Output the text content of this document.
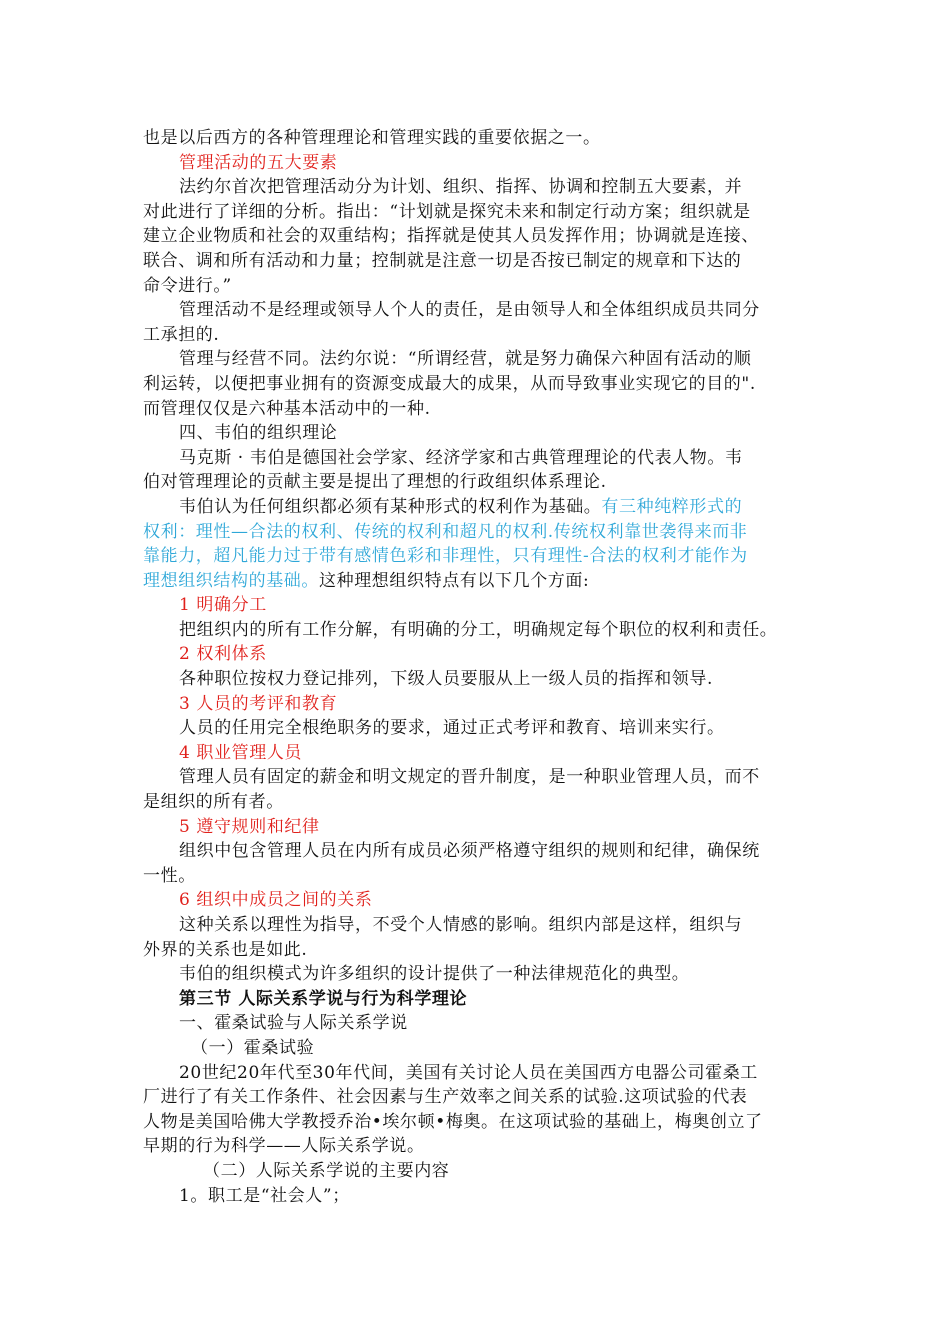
也是以后西方的各种管理理论和管理实践的重要依据之一。
管理活动的五大要素
法约尔首次把管理活动分为计划、组织、指挥、协调和控制五大要素，并
对此进行了详细的分析。指出：“计划就是探究未来和制定行动方案；组织就是
建立企业物质和社会的双重结构；指挥就是使其人员发挥作用；协调就是连接、
联合、调和所有活动和力量；控制就是注意一切是否按已制定的规章和下达的
命令进行。”
管理活动不是经理或领导人个人的责任，是由领导人和全体组织成员共同分
工承担的.
管理与经营不同。法约尔说：“所谓经营，就是努力确保六种固有活动的顺
利运转，以便把事业拥有的资源变成最大的成果，从而导致事业实现它的目的".
而管理仅仅是六种基本活动中的一种.
四、韦伯的组织理论
马克斯 · 韦伯是德国社会学家、经济学家和古典管理理论的代表人物。韦
伯对管理理论的贡献主要是提出了理想的行政组织体系理论.
韦伯认为任何组织都必须有某种形式的权利作为基础。有三种纯粹形式的
权利：理性—合法的权利、传统的权利和超凡的权利.传统权利靠世袭得来而非
靠能力，超凡能力过于带有感情色彩和非理性，只有理性-合法的权利才能作为
理想组织结构的基础。这种理想组织特点有以下几个方面:
1 明确分工
把组织内的所有工作分解，有明确的分工，明确规定每个职位的权利和责任。
2 权利体系
各种职位按权力登记排列，下级人员要服从上一级人员的指挥和领导.
3 人员的考评和教育
人员的任用完全根绝职务的要求，通过正式考评和教育、培训来实行。
4 职业管理人员
管理人员有固定的薪金和明文规定的晋升制度，是一种职业管理人员，而不
是组织的所有者。
5 遵守规则和纪律
组织中包含管理人员在内所有成员必须严格遵守组织的规则和纪律，确保统
一性。
6 组织中成员之间的关系
这种关系以理性为指导，不受个人情感的影响。组织内部是这样，组织与
外界的关系也是如此.
韦伯的组织模式为许多组织的设计提供了一种法律规范化的典型。
第三节 人际关系学说与行为科学理论
一、霍桑试验与人际关系学说
（一）霍桑试验
20世纪20年代至30年代间，美国有关讨论人员在美国西方电器公司霍桑工
厂进行了有关工作条件、社会因素与生产效率之间关系的试验.这项试验的代表
人物是美国哈佛大学教授乔治•埃尔顿•梅奥。在这项试验的基础上，梅奥创立了
早期的行为科学——人际关系学说。
（二）人际关系学说的主要内容
1。职工是“社会人”；
